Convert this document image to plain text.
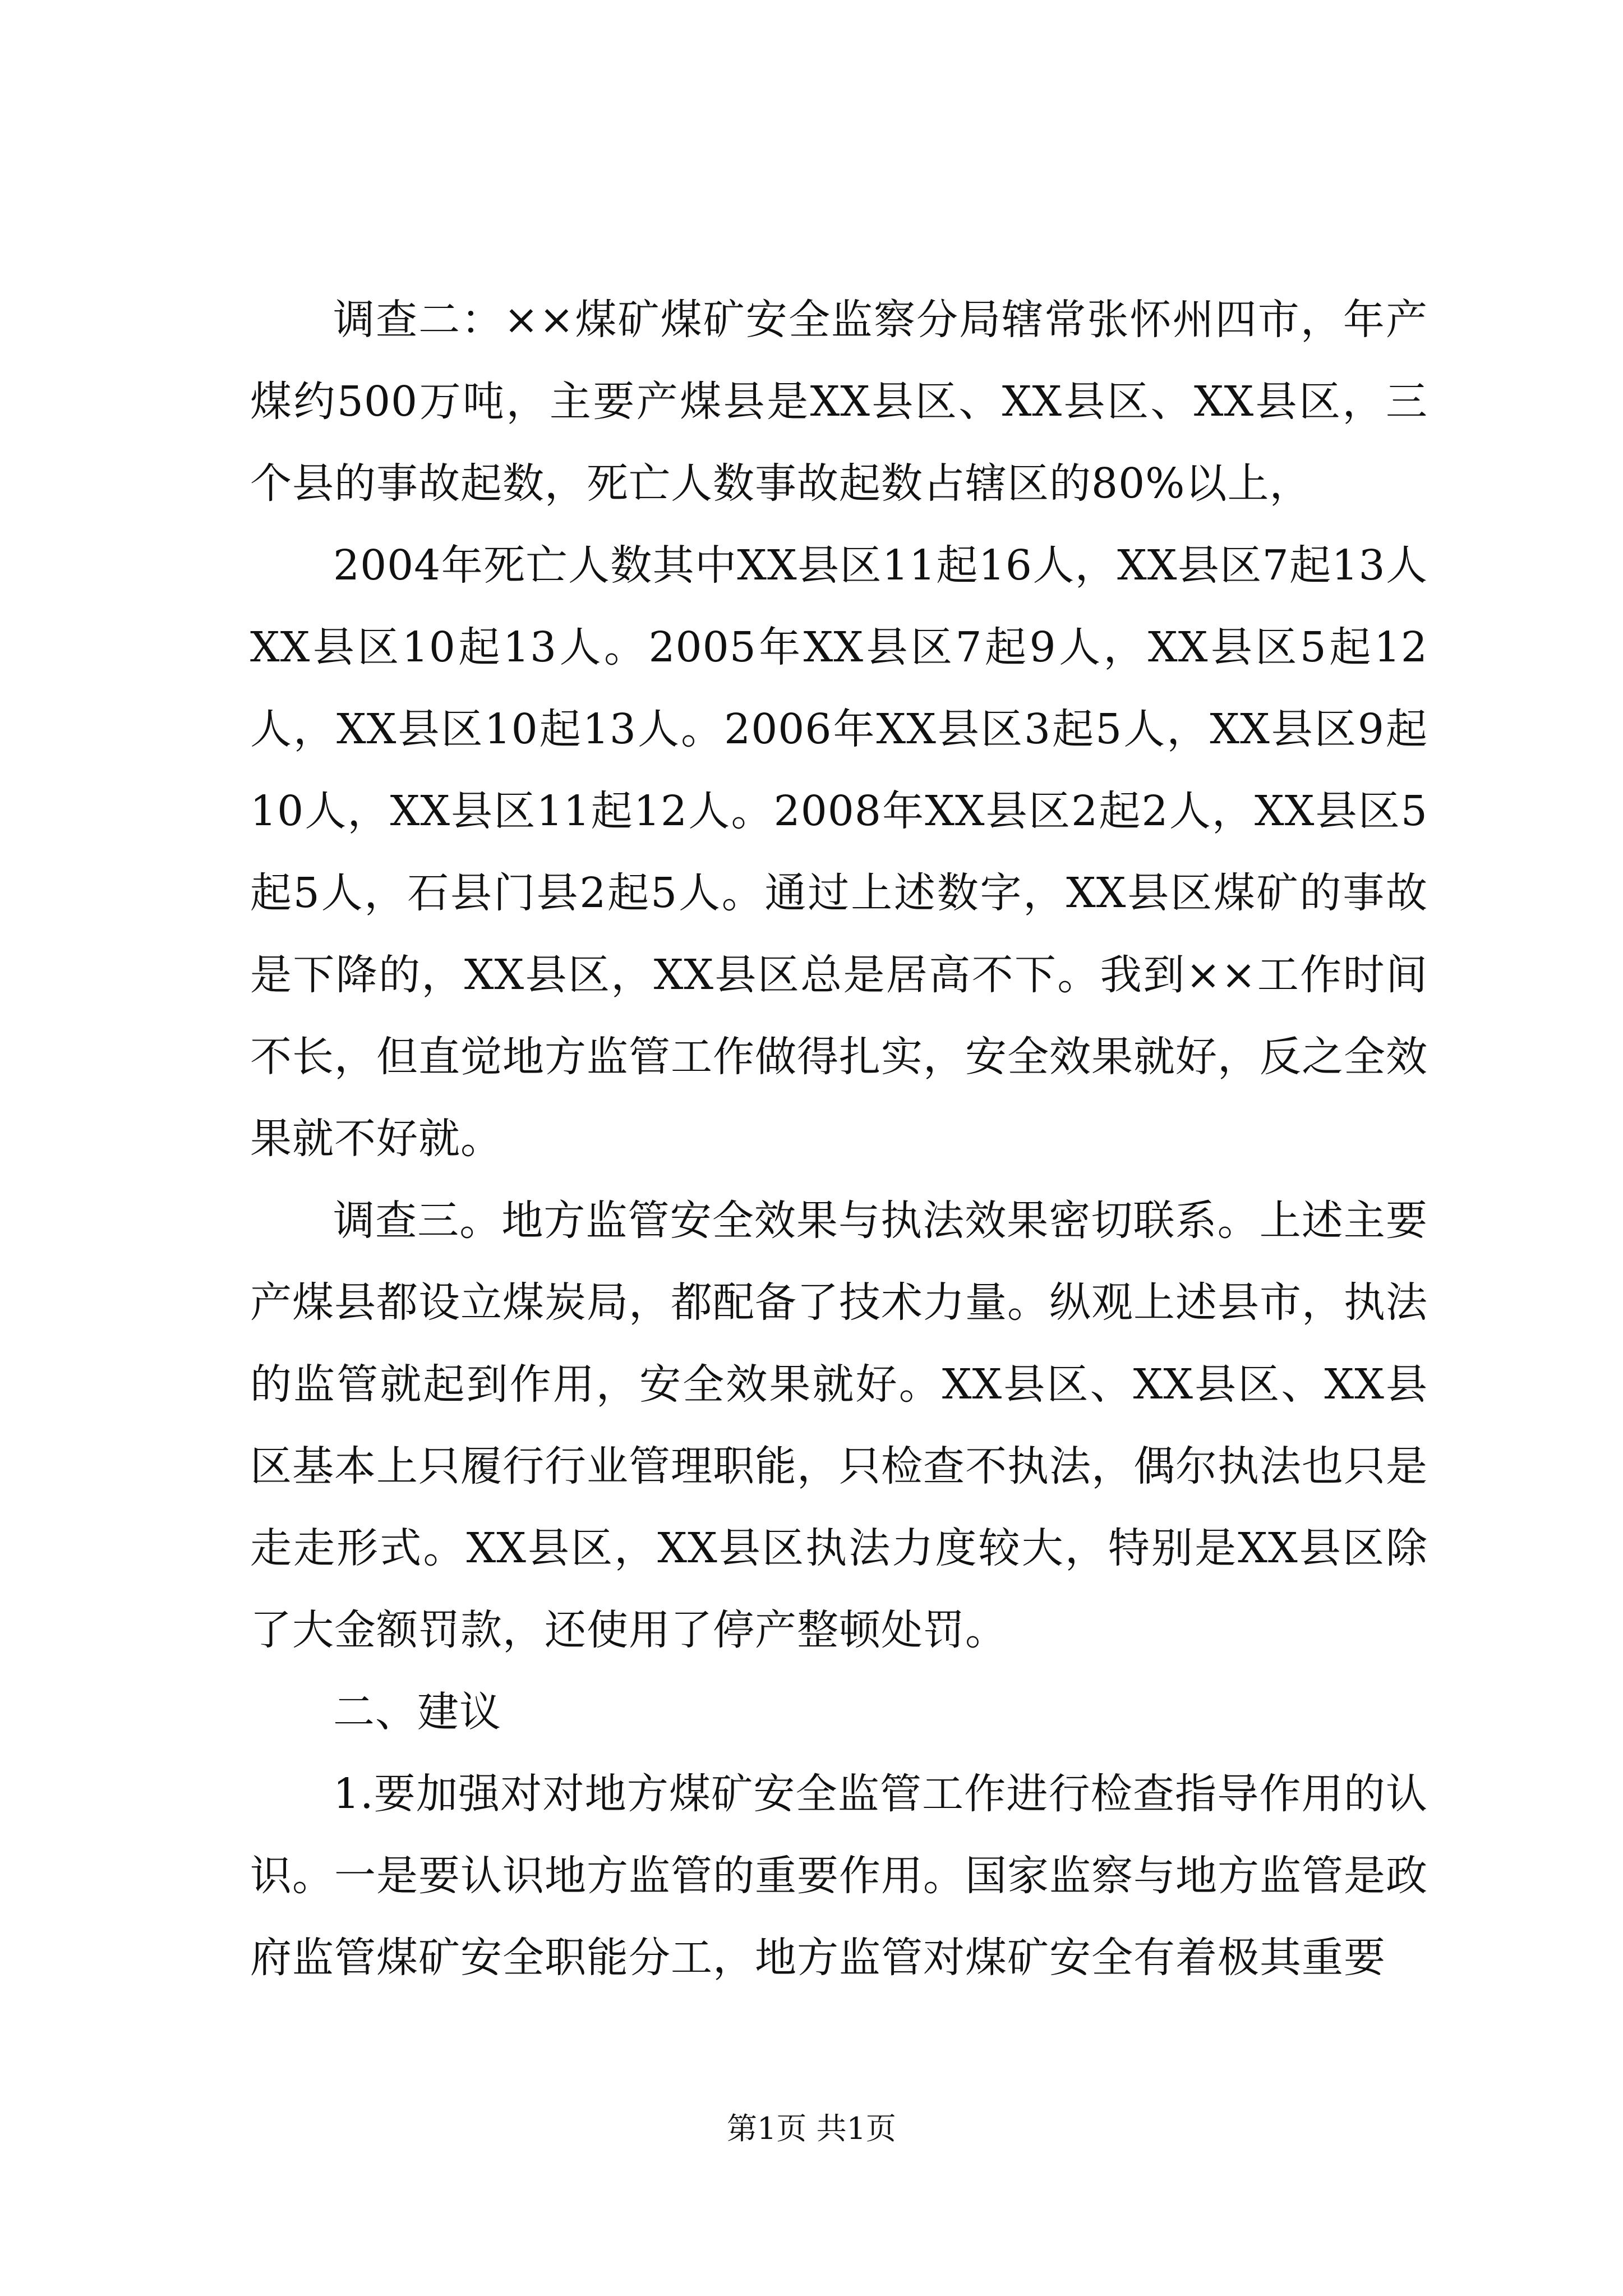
调查二：××煤矿煤矿安全监察分局辖常张怀州四市，年产煤约500万吨，主要产煤县是XX县区、XX县区、XX县区，三个县的事故起数，死亡人数事故起数占辖区的80%以上，

2004年死亡人数其中XX县区11起16人，XX县区7起13人XX县区10起13人。2005年XX县区7起9人，XX县区5起12人，XX县区10起13人。2006年XX县区3起5人，XX县区9起10人，XX县区11起12人。2008年XX县区2起2人，XX县区5起5人，石县门县2起5人。通过上述数字，XX县区煤矿的事故是下降的，XX县区，XX县区总是居高不下。我到××工作时间不长，但直觉地方监管工作做得扎实，安全效果就好，反之全效果就不好就。

调查三。地方监管安全效果与执法效果密切联系。上述主要产煤县都设立煤炭局，都配备了技术力量。纵观上述县市，执法的监管就起到作用，安全效果就好。XX县区、XX县区、XX县区基本上只履行行业管理职能，只检查不执法，偶尔执法也只是走走形式。XX县区，XX县区执法力度较大，特别是XX县区除了大金额罚款，还使用了停产整顿处罚。

二、建议

1.要加强对对地方煤矿安全监管工作进行检查指导作用的认识。一是要认识地方监管的重要作用。国家监察与地方监管是政府监管煤矿安全职能分工，地方监管对煤矿安全有着极其重要

第1页 共1页
